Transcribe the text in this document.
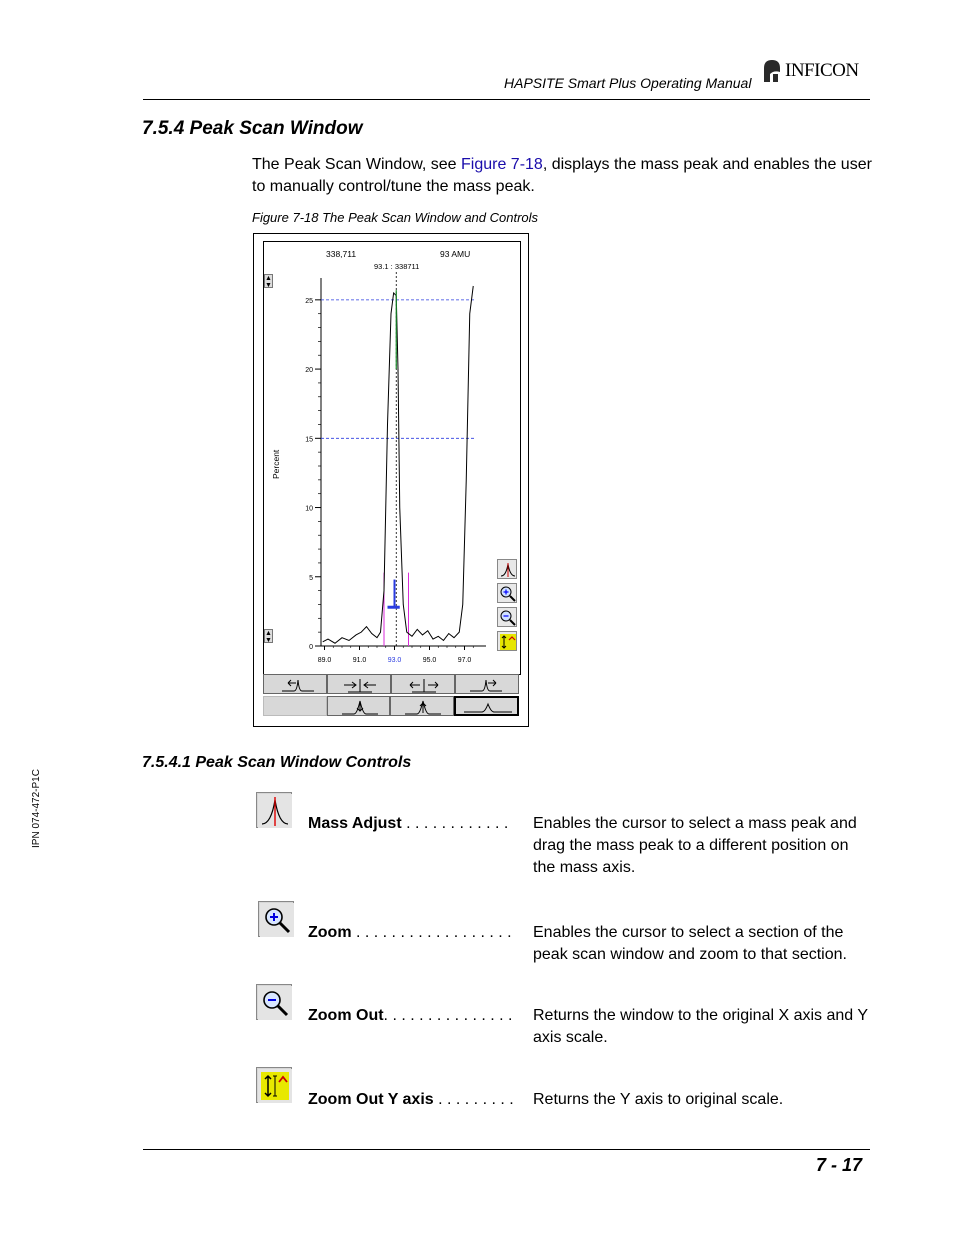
HAPSITE Smart Plus Operating Manual
INFICON
7.5.4 Peak Scan Window
The Peak Scan Window, see Figure 7-18, displays the mass peak and enables the user to manually control/tune the mass peak.
Figure 7-18 The Peak Scan Window and Controls
338,711	93 AMU
93.1 : 338711
Percent
25
20
15
10
5
0
89.0	91.0	93.0	95.0	97.0
▲
▼
▲
▼
7.5.4.1 Peak Scan Window Controls
Mass Adjust . . . . . . . . . . . . Enables the cursor to select a mass peak and drag the mass peak to a different position on the mass axis.
Zoom . . . . . . . . . . . . . . . . . . Enables the cursor to select a section of the peak scan window and zoom to that section.
Zoom Out. . . . . . . . . . . . . . . Returns the window to the original X axis and Y axis scale.
Zoom Out Y axis . . . . . . . . . Returns the Y axis to original scale.
IPN 074-472-P1C
7 - 17
